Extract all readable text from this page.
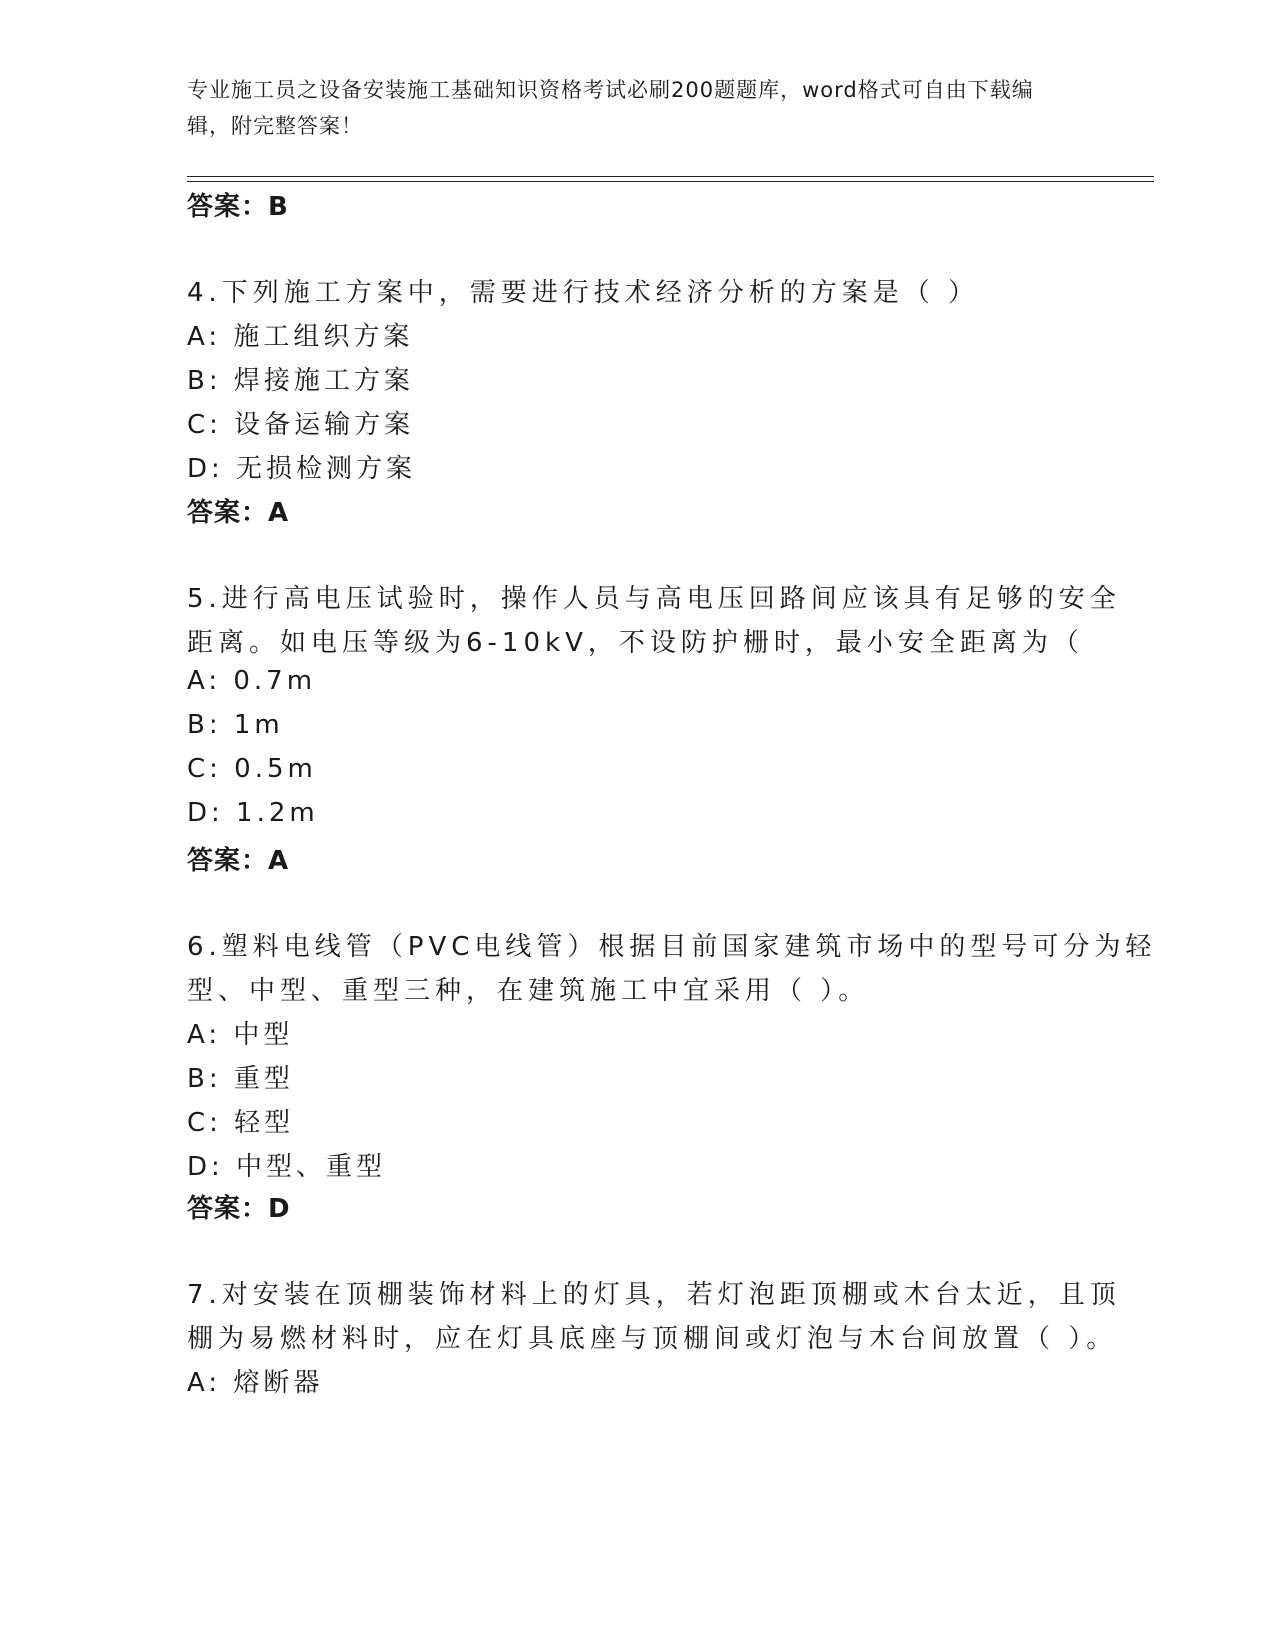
专业施工员之设备安装施工基础知识资格考试必刷200题题库，word格式可自由下载编辑，附完整答案！

答案：B
4.下列施工方案中，需要进行技术经济分析的方案是（ ）
A: 施工组织方案
B: 焊接施工方案
C: 设备运输方案
D: 无损检测方案
答案：A
5.进行高电压试验时，操作人员与高电压回路间应该具有足够的安全
距离。如电压等级为6-10kV，不设防护栅时，最小安全距离为（
A: 0.7m
B: 1m
C: 0.5m
D: 1.2m
答案：A
6.塑料电线管（PVC电线管）根据目前国家建筑市场中的型号可分为轻
型、中型、重型三种，在建筑施工中宜采用（ ）。
A: 中型
B: 重型
C: 轻型
D: 中型、重型
答案：D
7.对安装在顶棚装饰材料上的灯具，若灯泡距顶棚或木台太近，且顶
棚为易燃材料时，应在灯具底座与顶棚间或灯泡与木台间放置（ ）。
A: 熔断器
